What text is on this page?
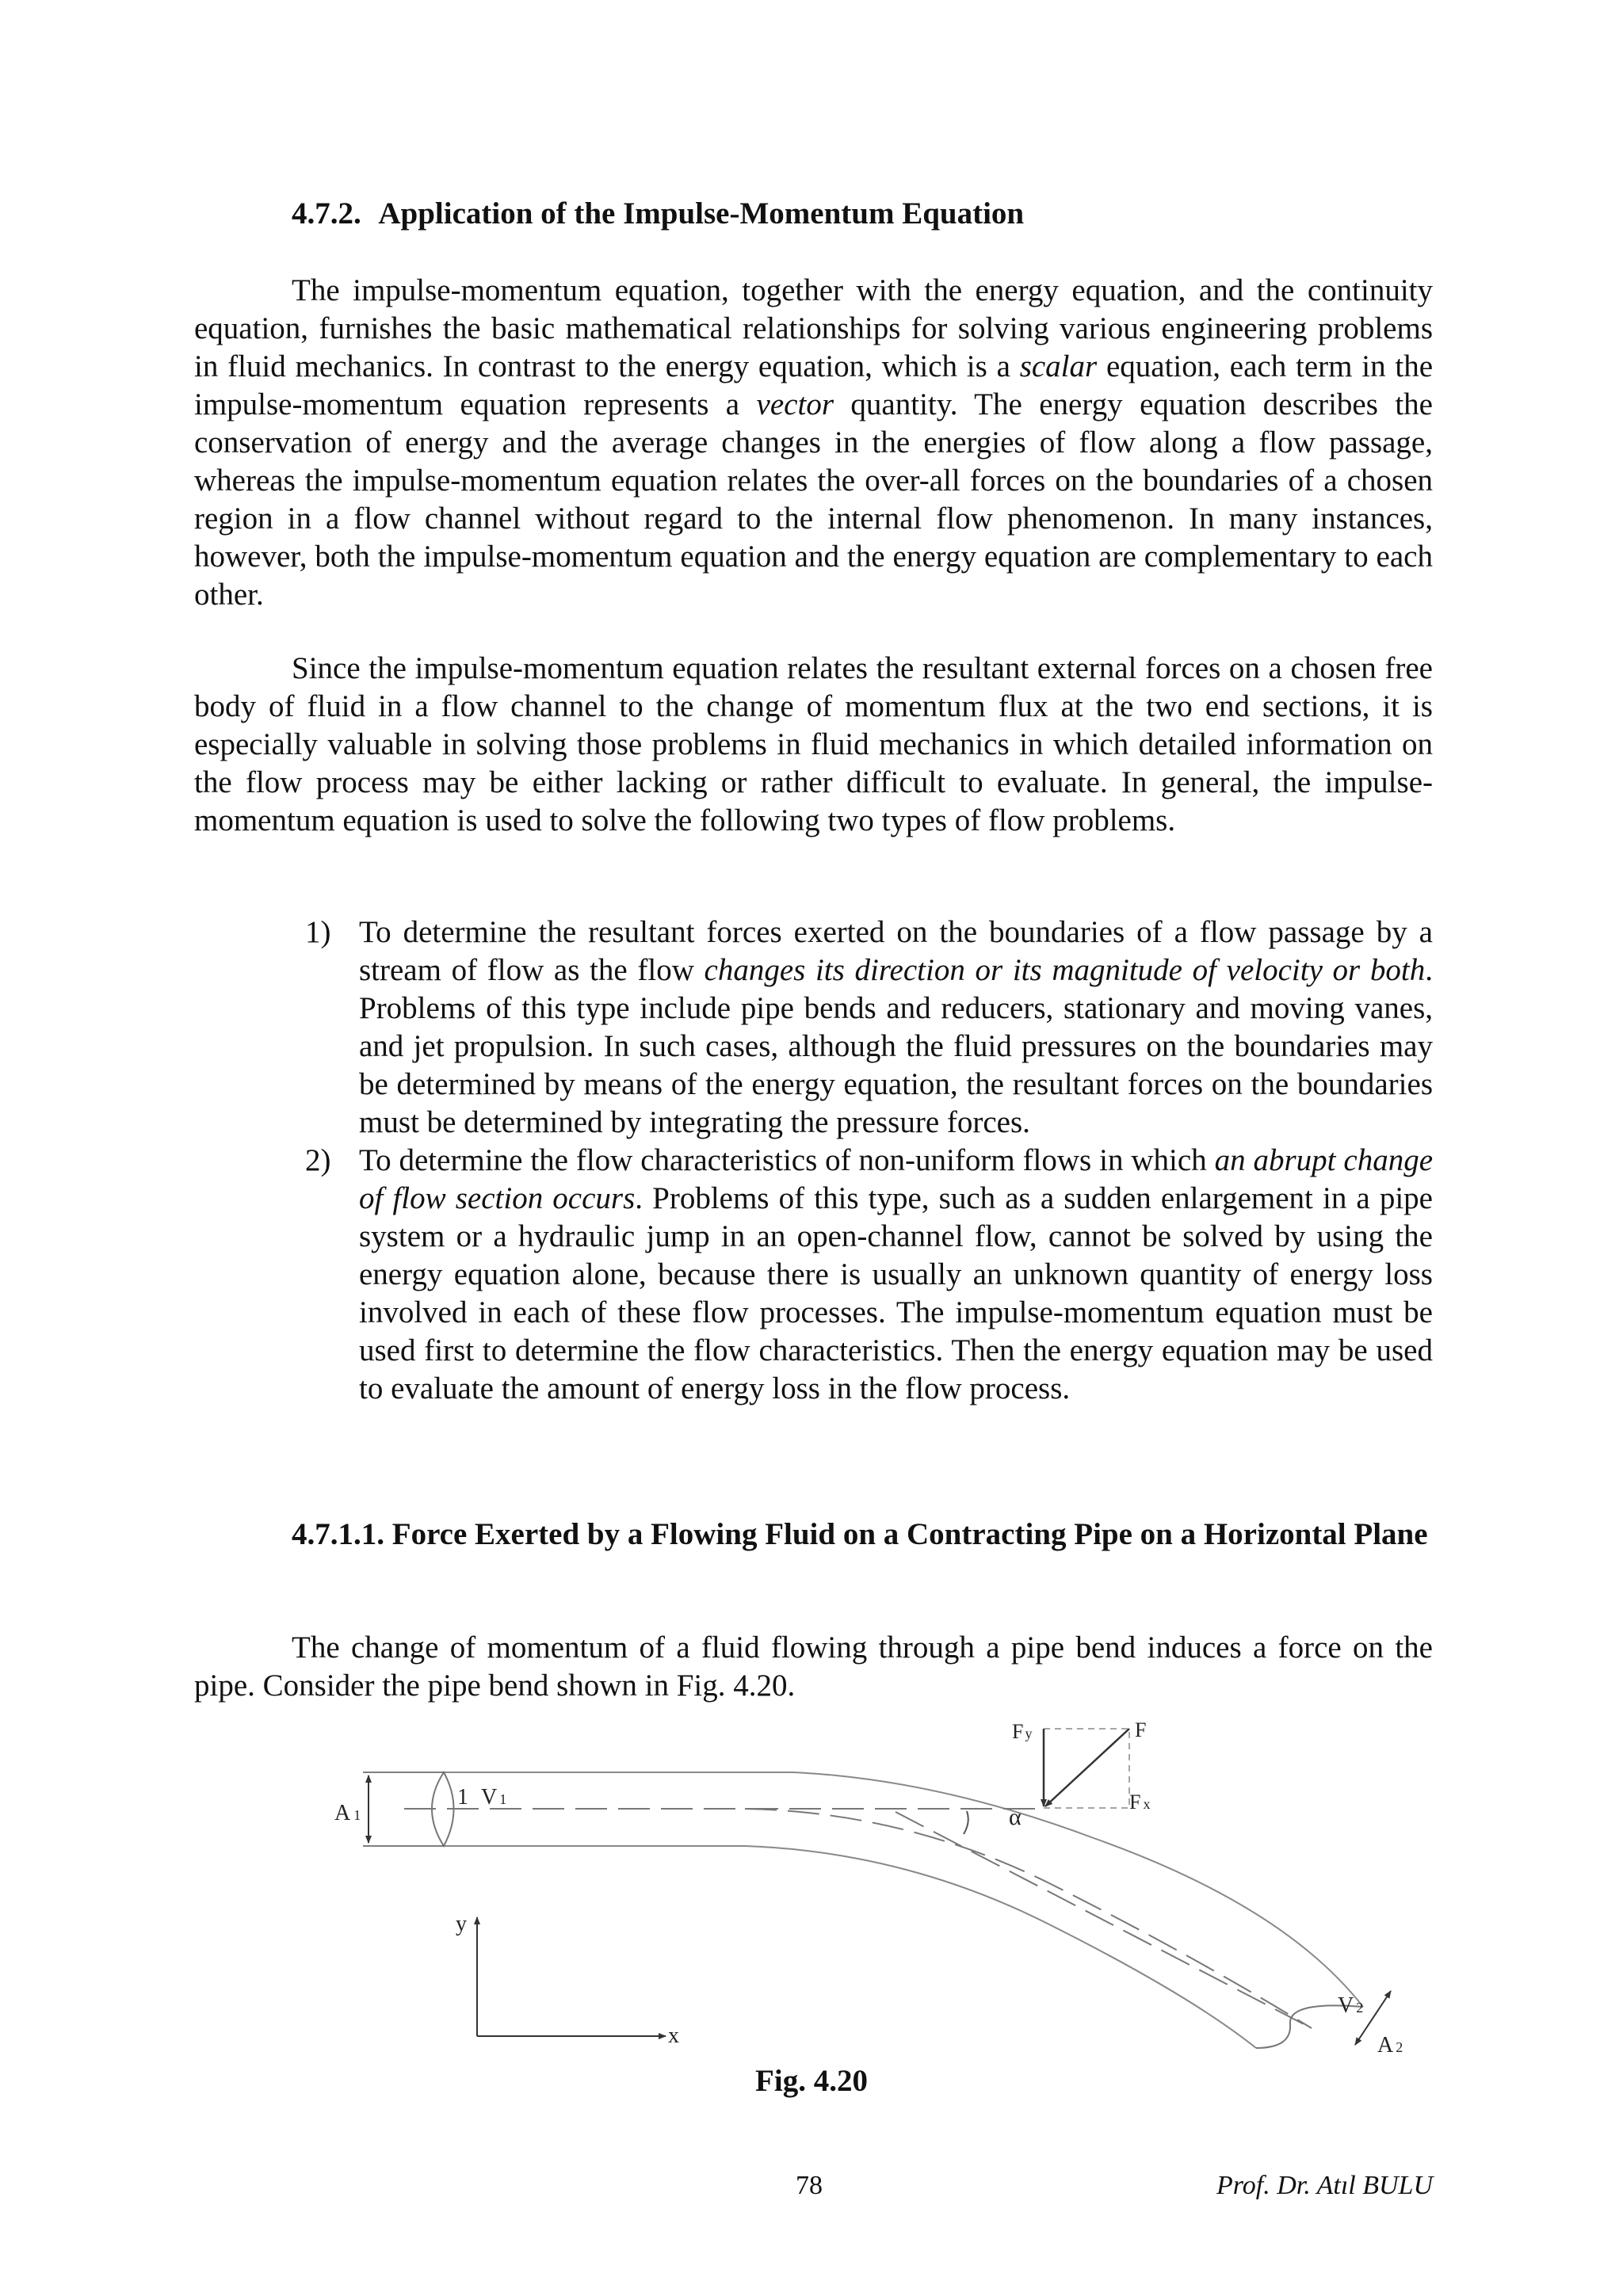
4.7.2. Application of the Impulse-Momentum Equation

The impulse-momentum equation, together with the energy equation, and the continuity equation, furnishes the basic mathematical relationships for solving various engineering problems in fluid mechanics. In contrast to the energy equation, which is a scalar equation, each term in the impulse-momentum equation represents a vector quantity. The energy equation describes the conservation of energy and the average changes in the energies of flow along a flow passage, whereas the impulse-momentum equation relates the over-all forces on the boundaries of a chosen region in a flow channel without regard to the internal flow phenomenon. In many instances, however, both the impulse-momentum equation and the energy equation are complementary to each other.

Since the impulse-momentum equation relates the resultant external forces on a chosen free body of fluid in a flow channel to the change of momentum flux at the two end sections, it is especially valuable in solving those problems in fluid mechanics in which detailed information on the flow process may be either lacking or rather difficult to evaluate. In general, the impulse-momentum equation is used to solve the following two types of flow problems.

1) To determine the resultant forces exerted on the boundaries of a flow passage by a stream of flow as the flow changes its direction or its magnitude of velocity or both. Problems of this type include pipe bends and reducers, stationary and moving vanes, and jet propulsion. In such cases, although the fluid pressures on the boundaries may be determined by means of the energy equation, the resultant forces on the boundaries must be determined by integrating the pressure forces.
2) To determine the flow characteristics of non-uniform flows in which an abrupt change of flow section occurs. Problems of this type, such as a sudden enlargement in a pipe system or a hydraulic jump in an open-channel flow, cannot be solved by using the energy equation alone, because there is usually an unknown quantity of energy loss involved in each of these flow processes. The impulse-momentum equation must be used first to determine the flow characteristics. Then the energy equation may be used to evaluate the amount of energy loss in the flow process.
4.7.1.1. Force Exerted by a Flowing Fluid on a Contracting Pipe on a Horizontal Plane

The change of momentum of a fluid flowing through a pipe bend induces a force on the pipe. Consider the pipe bend shown in Fig. 4.20.

F y	F
F x
A 1
1 V 1
α
y
x
V 2
A 2
Fig. 4.20
78	Prof. Dr. Atıl BULU
